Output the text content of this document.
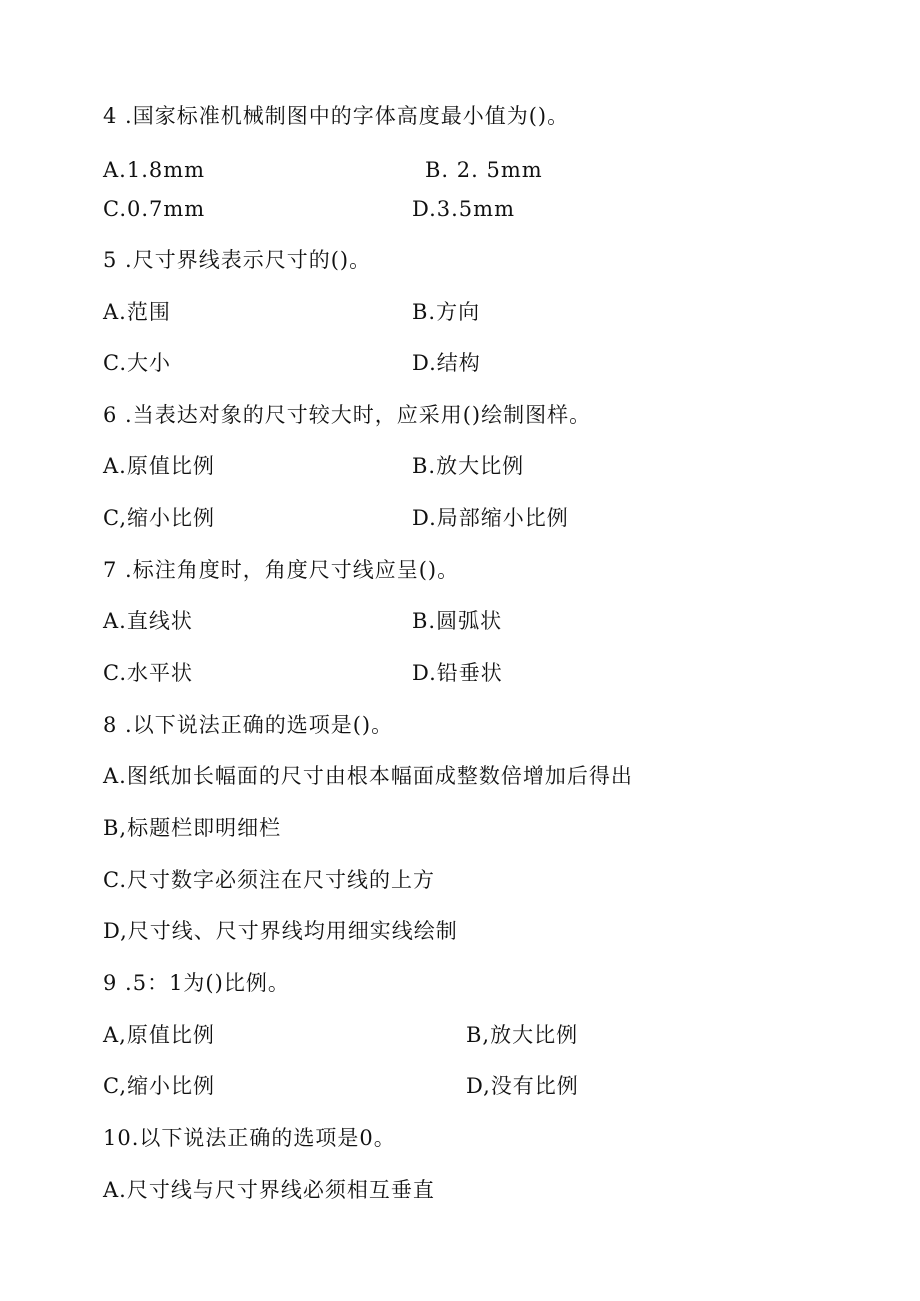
4 .国家标准机械制图中的字体高度最小值为()。
A.1.8mm	B. 2. 5mm
C.0.7mm	D.3.5mm
5 .尺寸界线表示尺寸的()。
A.范围	B.方向
C.大小	D.结构
6 .当表达对象的尺寸较大时，应采用()绘制图样。
A.原值比例	B.放大比例
C,缩小比例	D.局部缩小比例
7 .标注角度时，角度尺寸线应呈()。
A.直线状	B.圆弧状
C.水平状	D.铅垂状
8 .以下说法正确的选项是()。
A.图纸加长幅面的尺寸由根本幅面成整数倍增加后得出
B,标题栏即明细栏
C.尺寸数字必须注在尺寸线的上方
D,尺寸线、尺寸界线均用细实线绘制
9 .5：1为()比例。
A,原值比例	B,放大比例
C,缩小比例	D,没有比例
10.以下说法正确的选项是0。
A.尺寸线与尺寸界线必须相互垂直
